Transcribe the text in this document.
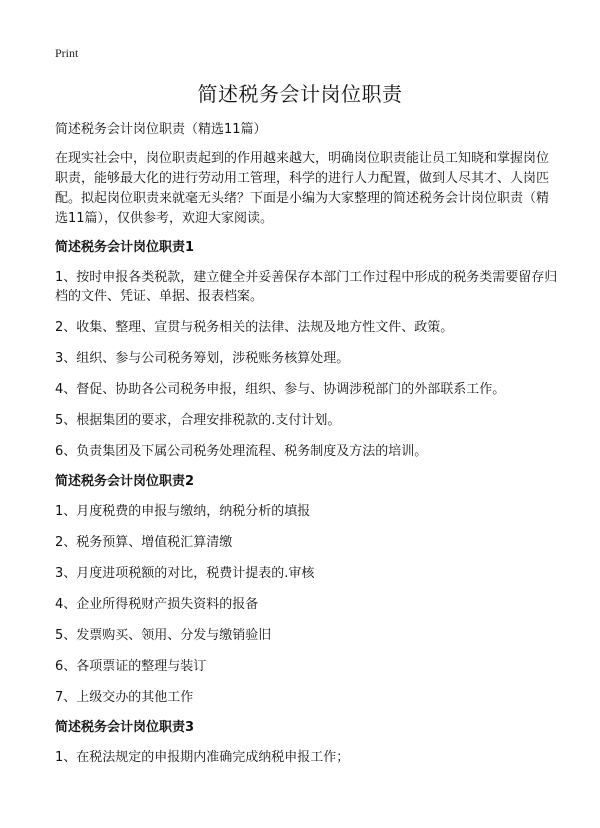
Print
简述税务会计岗位职责

简述税务会计岗位职责（精选11篇）

在现实社会中，岗位职责起到的作用越来越大，明确岗位职责能让员工知晓和掌握岗位职责，能够最大化的进行劳动用工管理，科学的进行人力配置，做到人尽其才、人岗匹配。拟起岗位职责来就毫无头绪？下面是小编为大家整理的简述税务会计岗位职责（精选11篇），仅供参考，欢迎大家阅读。

简述税务会计岗位职责1

1、按时申报各类税款，建立健全并妥善保存本部门工作过程中形成的税务类需要留存归档的文件、凭证、单据、报表档案。

2、收集、整理、宣贯与税务相关的法律、法规及地方性文件、政策。

3、组织、参与公司税务筹划，涉税账务核算处理。

4、督促、协助各公司税务申报，组织、参与、协调涉税部门的外部联系工作。

5、根据集团的要求，合理安排税款的.支付计划。

6、负责集团及下属公司税务处理流程、税务制度及方法的培训。

简述税务会计岗位职责2

1、月度税费的申报与缴纳，纳税分析的填报

2、税务预算、增值税汇算清缴

3、月度进项税额的对比，税费计提表的.审核

4、企业所得税财产损失资料的报备

5、发票购买、领用、分发与缴销验旧

6、各项票证的整理与装订

7、上级交办的其他工作

简述税务会计岗位职责3

1、在税法规定的申报期内准确完成纳税申报工作；
